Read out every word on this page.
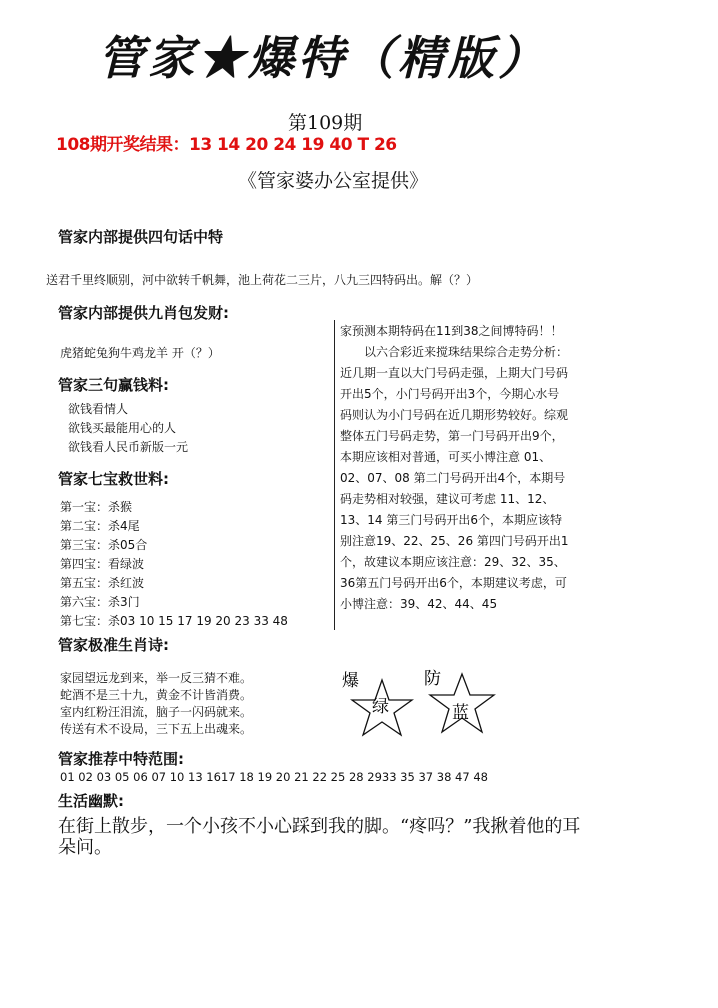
管家★爆特（精版）
第109期
108期开奖结果：13 14 20 24 19 40 T 26
《管家婆办公室提供》
管家内部提供四句话中特
送君千里终顺别，河中欲转千帆舞，池上荷花二三片，八九三四特码出。解（？）
管家内部提供九肖包发财:
虎猪蛇兔狗牛鸡龙羊 开（？）
管家三句赢钱料:
欲钱看情人
欲钱买最能用心的人
欲钱看人民币新版一元
管家七宝救世料:
第一宝：杀猴
第二宝：杀4尾
第三宝：杀05合
第四宝：看绿波
第五宝：杀红波
第六宝：杀3门
第七宝：杀03 10 15 17 19 20 23 33 48
管家极准生肖诗:
家园望远龙到来，举一反三猜不难。
蛇酒不是三十九，黄金不计皆消费。
室内红粉汪泪流，脑子一闪码就来。
传送有术不设局，三下五上出魂来。
管家推荐中特范围:
01 02 03 05 06 07 10 13 1617 18 19 20 21 22 25 28 2933 35 37 38 47 48
生活幽默:
在街上散步，一个小孩不小心踩到我的脚。“疼吗？”我揪着他的耳朵问。

家预测本期特码在11到38之间博特码！！

以六合彩近来搅珠结果综合走势分析：近几期一直以大门号码走强，上期大门号码开出5个，小门号码开出3个，今期心水号码则认为小门号码在近几期形势较好。综观整体五门号码走势，第一门号码开出9个，本期应该相对普通，可买小博注意 01、02、07、08 第二门号码开出4个，本期号码走势相对较强，建议可考虑 11、12、13、14 第三门号码开出6个，本期应该特别注意19、22、25、26 第四门号码开出1个，故建议本期应该注意：29、32、35、36第五门号码开出6个，本期建议考虑，可小博注意：39、42、44、45

爆
绿
防
蓝
